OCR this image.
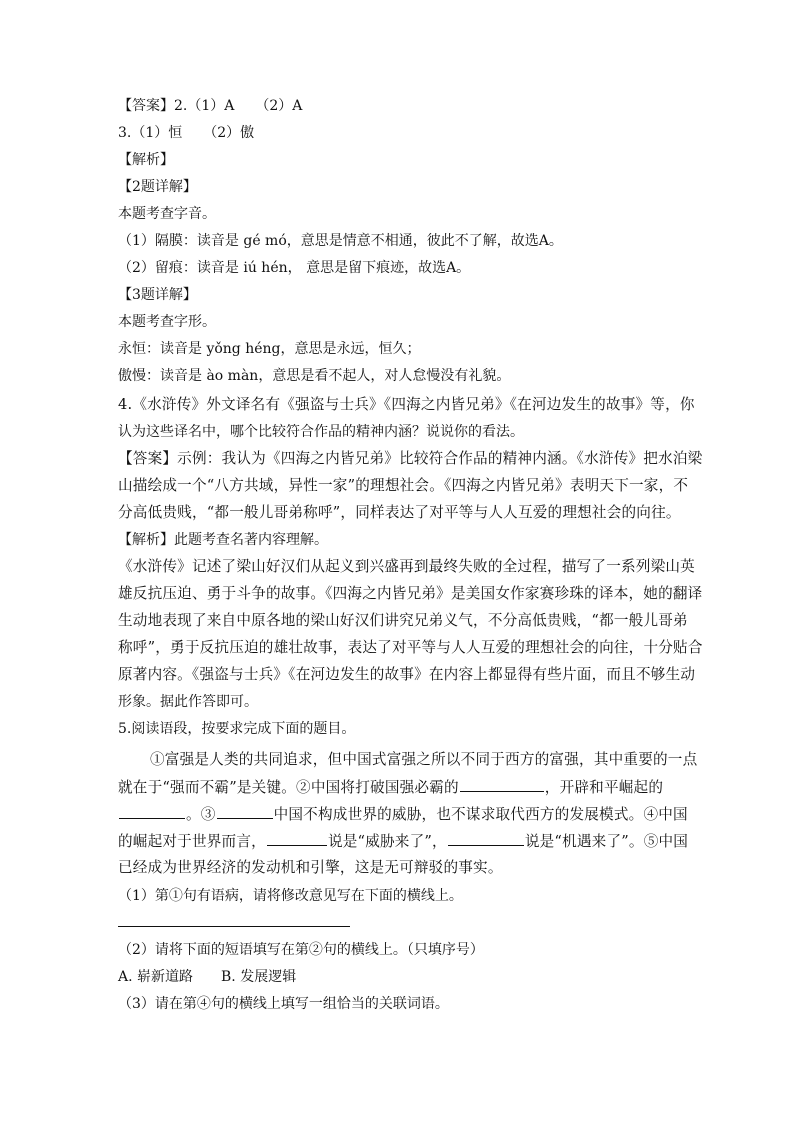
【答案】2.（1）A　　（2）A
3.（1）恒　　（2）傲
【解析】
【2题详解】
本题考查字音。
（1）隔膜：读音是 gé mó，意思是情意不相通，彼此不了解，故选A。
（2）留痕：读音是 iú hén， 意思是留下痕迹，故选A。
【3题详解】
本题考查字形。
永恒：读音是 yǒng héng，意思是永远，恒久；
傲慢：读音是 ào màn，意思是看不起人，对人怠慢没有礼貌。
4.《水浒传》外文译名有《强盗与士兵》《四海之内皆兄弟》《在河边发生的故事》等，你
认为这些译名中，哪个比较符合作品的精神内涵？说说你的看法。
【答案】示例：我认为《四海之内皆兄弟》比较符合作品的精神内涵。《水浒传》把水泊梁
山描绘成一个“八方共域，异性一家”的理想社会。《四海之内皆兄弟》表明天下一家，不
分高低贵贱，“都一般儿哥弟称呼”，同样表达了对平等与人人互爱的理想社会的向往。
【解析】此题考查名著内容理解。
《水浒传》记述了梁山好汉们从起义到兴盛再到最终失败的全过程，描写了一系列梁山英
雄反抗压迫、勇于斗争的故事。《四海之内皆兄弟》是美国女作家赛珍珠的译本，她的翻译
生动地表现了来自中原各地的梁山好汉们讲究兄弟义气，不分高低贵贱，“都一般儿哥弟
称呼”，勇于反抗压迫的雄壮故事，表达了对平等与人人互爱的理想社会的向往，十分贴合
原著内容。《强盗与士兵》《在河边发生的故事》在内容上都显得有些片面，而且不够生动
形象。据此作答即可。
5.阅读语段，按要求完成下面的题目。
①富强是人类的共同追求，但中国式富强之所以不同于西方的富强，其中重要的一点
就在于“强而不霸”是关键。②中国将打破国强必霸的	，开辟和平崛起的
。③	中国不构成世界的威胁，也不谋求取代西方的发展模式。④中国
的崛起对于世界而言，	说是“威胁来了”，	说是“机遇来了”。⑤中国
已经成为世界经济的发动机和引擎，这是无可辩驳的事实。
（1）第①句有语病，请将修改意见写在下面的横线上。
（2）请将下面的短语填写在第②句的横线上。（只填序号）
A. 崭新道路 B. 发展逻辑
（3）请在第④句的横线上填写一组恰当的关联词语。
